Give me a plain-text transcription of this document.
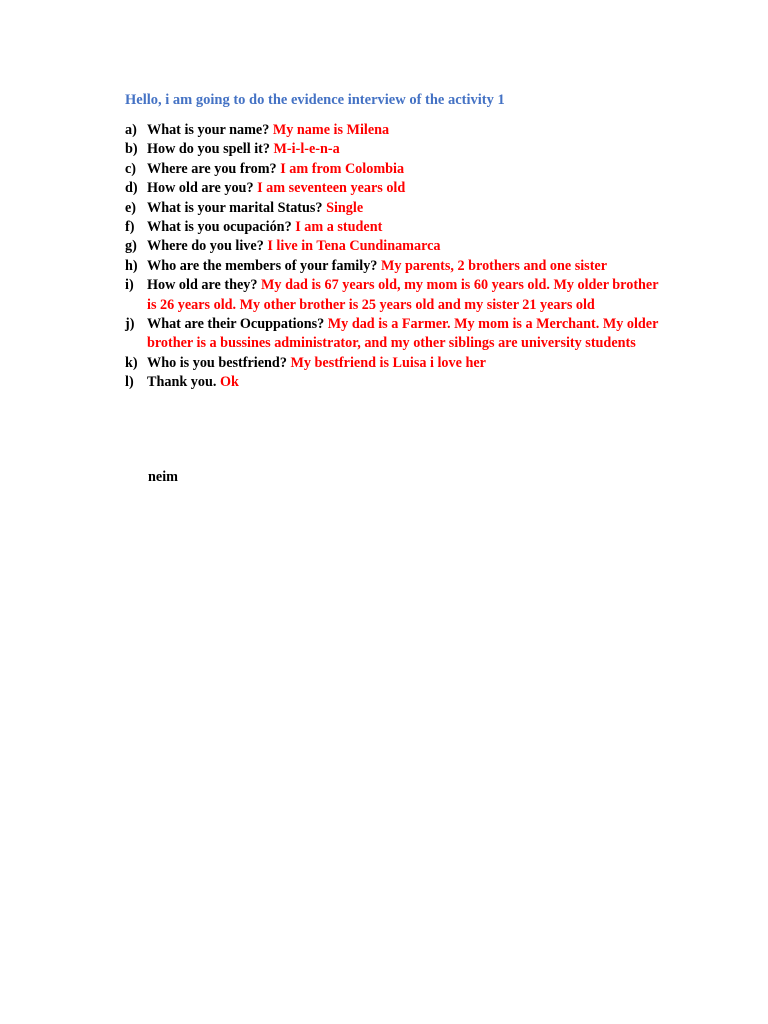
Hello, i am going to do the evidence interview of the activity 1

a) What is your name? My name is Milena
b) How do you spell it? M-i-l-e-n-a
c) Where are you from? I am from Colombia
d) How old are you? I am seventeen years old
e) What is your marital Status? Single
f) What is you ocupación? I am a student
g) Where do you live? I live in Tena Cundinamarca
h) Who are the members of your family? My parents, 2 brothers and one sister
i) How old are they? My dad is 67 years old, my mom is 60 years old. My older brother is 26 years old. My other brother is 25 years old and my sister 21 years old
j) What are their Ocuppations? My dad is a Farmer. My mom is a Merchant. My older brother is a bussines administrator, and my other siblings are university students
k) Who is you bestfriend? My bestfriend is Luisa i love her
l) Thank you. Ok

neim
